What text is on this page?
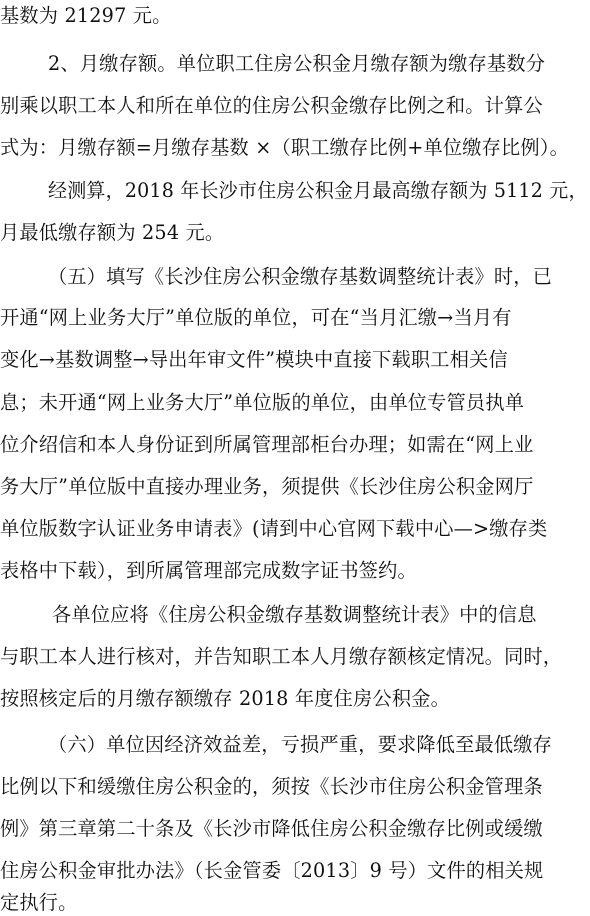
基数为 21297 元。
2、月缴存额。单位职工住房公积金月缴存额为缴存基数分
别乘以职工本人和所在单位的住房公积金缴存比例之和。计算公
式为：月缴存额=月缴存基数 ×（职工缴存比例+单位缴存比例）。
经测算，2018 年长沙市住房公积金月最高缴存额为 5112 元，
月最低缴存额为 254 元。
（五）填写《长沙住房公积金缴存基数调整统计表》时，已
开通“网上业务大厅”单位版的单位，可在“当月汇缴→当月有
变化→基数调整→导出年审文件”模块中直接下载职工相关信
息；未开通“网上业务大厅”单位版的单位，由单位专管员执单
位介绍信和本人身份证到所属管理部柜台办理；如需在“网上业
务大厅”单位版中直接办理业务，须提供《长沙住房公积金网厅
单位版数字认证业务申请表》(请到中心官网下载中心—>缴存类
表格中下载），到所属管理部完成数字证书签约。
各单位应将《住房公积金缴存基数调整统计表》中的信息
与职工本人进行核对，并告知职工本人月缴存额核定情况。同时，
按照核定后的月缴存额缴存 2018 年度住房公积金。
（六）单位因经济效益差，亏损严重，要求降低至最低缴存
比例以下和缓缴住房公积金的，须按《长沙市住房公积金管理条
例》第三章第二十条及《长沙市降低住房公积金缴存比例或缓缴
住房公积金审批办法》（长金管委〔2013〕9 号）文件的相关规
定执行。
